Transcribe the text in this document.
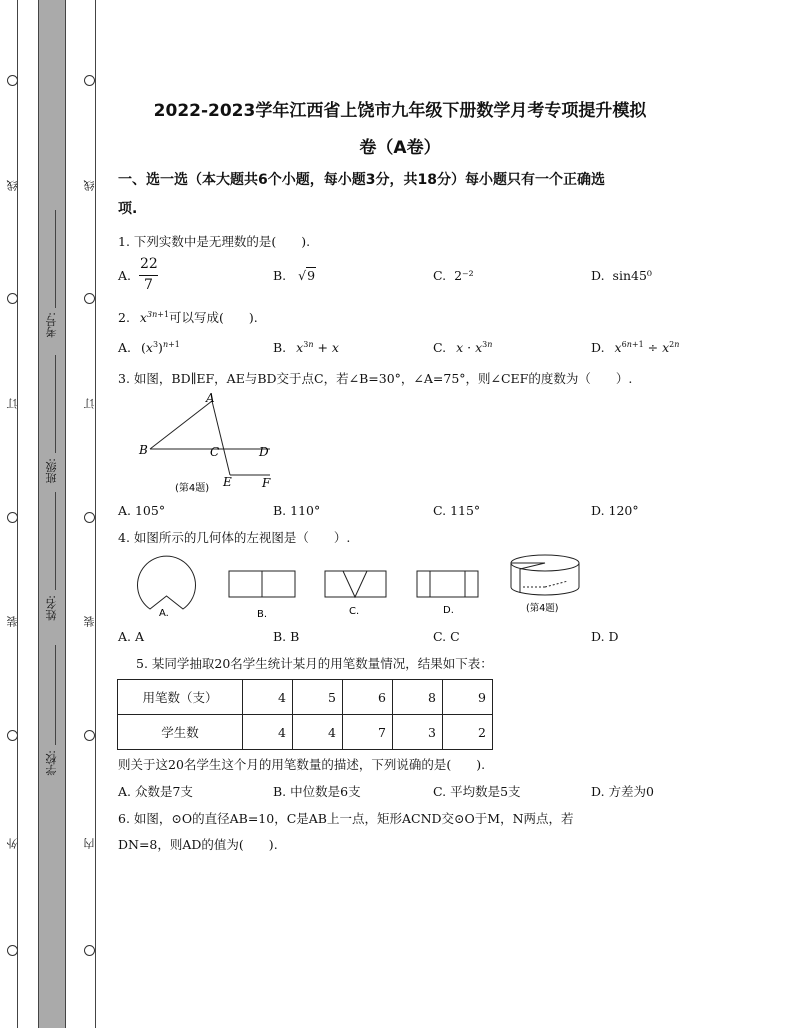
线
订
装
外
线
订
装
内
考号:
班级:
姓名:
学校:
2022-2023学年江西省上饶市九年级下册数学月考专项提升模拟
卷（A卷）
一、选一选（本大题共6个小题，每小题3分，共18分）每小题只有一个正确选
项.
1. 下列实数中是无理数的是(　　).
A.
22
7
B. √9	C. 2⁻²	D. sin45⁰
2. $x^{3n+1}$可以写成(　　).
A. $(x^3)^{n+1}$	B. $x^{3n} + x$	C. $x \cdot x^{3n}$	D. $x^{6n+1} \div x^{2n}$
3. 如图，BD∥EF，AE与BD交于点C，若∠B=30°，∠A=75°，则∠CEF的度数为（　　）.
A
B	C	D
E	F
(第4题)
A. 105°	B. 110°	C. 115°	D. 120°
4. 如图所示的几何体的左视图是（　　）.
A.	B.	C.	D.	(第4题)
A. A	B. B	C. C	D. D
5. 某同学抽取20名学生统计某月的用笔数量情况，结果如下表：
用笔数（支）	4	5	6	8	9
学生数	4	4	7	3	2
则关于这20名学生这个月的用笔数量的描述，下列说确的是(　　).
A. 众数是7支	B. 中位数是6支	C. 平均数是5支	D. 方差为0
6. 如图，⊙O的直径AB=10，C是AB上一点，矩形ACND交⊙O于M，N两点，若
DN=8，则AD的值为(　　).
